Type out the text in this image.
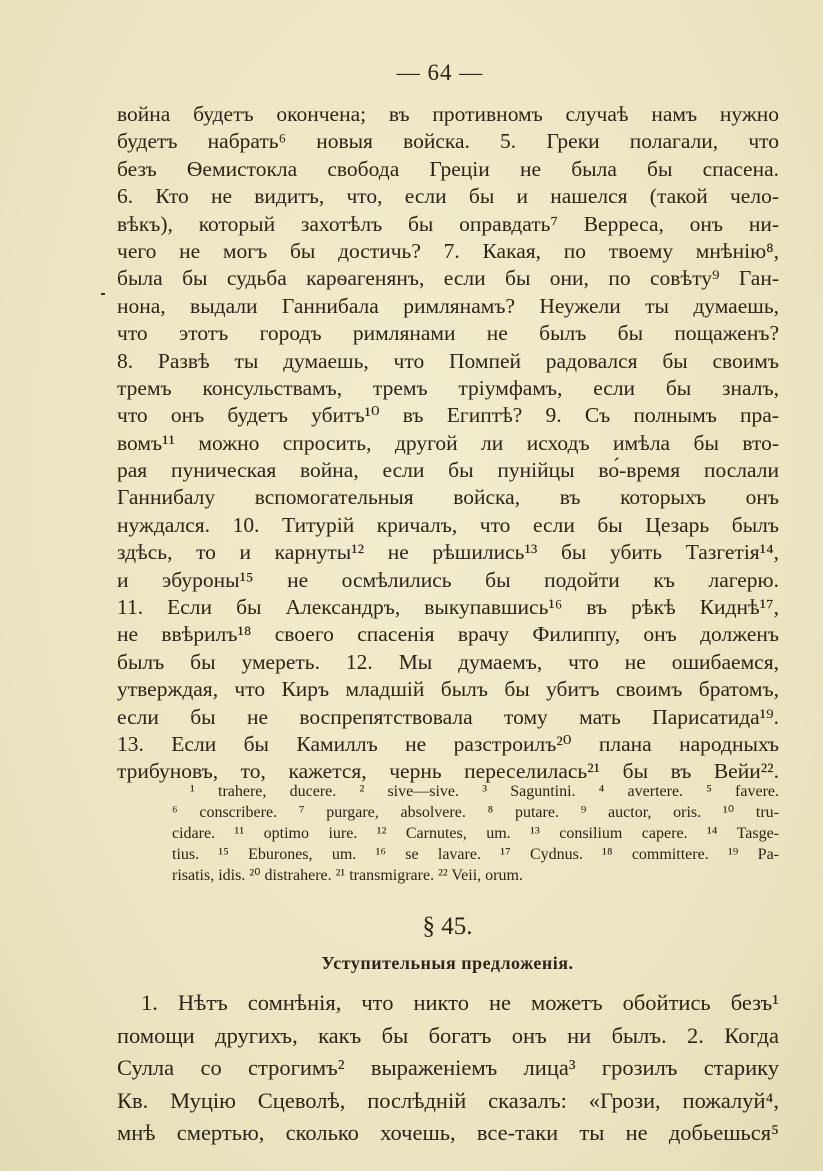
— 64 —
война будетъ окончена; въ противномъ случаѣ намъ нужно
будетъ набрать⁶ новыя войска. 5. Греки полагали, что
безъ Ѳемистокла свобода Греціи не была бы спасена.
6. Кто не видитъ, что, если бы и нашелся (такой чело-
вѣкъ), который захотѣлъ бы оправдать⁷ Верреса, онъ ни-
чего не могъ бы достичь? 7. Какая, по твоему мнѣнію⁸,
была бы судьба карѳагенянъ, если бы они, по совѣту⁹ Ган-
нона, выдали Ганнибала римлянамъ? Неужели ты думаешь,
что этотъ городъ римлянами не былъ бы пощаженъ?
8. Развѣ ты думаешь, что Помпей радовался бы своимъ
тремъ консульствамъ, тремъ тріумфамъ, если бы зналъ,
что онъ будетъ убитъ¹⁰ въ Египтѣ? 9. Съ полнымъ пра-
вомъ¹¹ можно спросить, другой ли исходъ имѣла бы вто-
рая пуническая война, если бы пунійцы во́-время послали
Ганнибалу вспомогательныя войска, въ которыхъ онъ
нуждался. 10. Титурій кричалъ, что если бы Цезарь былъ
здѣсь, то и карнуты¹² не рѣшились¹³ бы убить Тазгетія¹⁴,
и эбуроны¹⁵ не осмѣлились бы подойти къ лагерю.
11. Если бы Александръ, выкупавшись¹⁶ въ рѣкѣ Киднѣ¹⁷,
не ввѣрилъ¹⁸ своего спасенія врачу Филиппу, онъ долженъ
былъ бы умереть. 12. Мы думаемъ, что не ошибаемся,
утверждая, что Киръ младшій былъ бы убитъ своимъ братомъ,
если бы не воспрепятствовала тому мать Парисатида¹⁹.
13. Если бы Камиллъ не разстроилъ²⁰ плана народныхъ
трибуновъ, то, кажется, чернь переселилась²¹ бы въ Вейи²².
¹ trahere, ducere. ² sive—sive. ³ Saguntini. ⁴ avertere. ⁵ favere.
⁶ conscribere. ⁷ purgare, absolvere. ⁸ putare. ⁹ auctor, oris. ¹⁰ tru-
cidare. ¹¹ optimo iure. ¹² Carnutes, um. ¹³ consilium capere. ¹⁴ Tasge-
tius. ¹⁵ Eburones, um. ¹⁶ se lavare. ¹⁷ Cydnus. ¹⁸ committere. ¹⁹ Pa-
risatis, idis. ²⁰ distrahere. ²¹ transmigrare. ²² Veii, orum.
§ 45.
Уступительныя предложенія.
1. Нѣтъ сомнѣнія, что никто не можетъ обойтись безъ¹
помощи другихъ, какъ бы богатъ онъ ни былъ. 2. Когда
Сулла со строгимъ² выраженіемъ лица³ грозилъ старику
Кв. Муцію Сцеволѣ, послѣдній сказалъ: «Грози, пожалуй⁴,
мнѣ смертью, сколько хочешь, все-таки ты не добьешься⁵
